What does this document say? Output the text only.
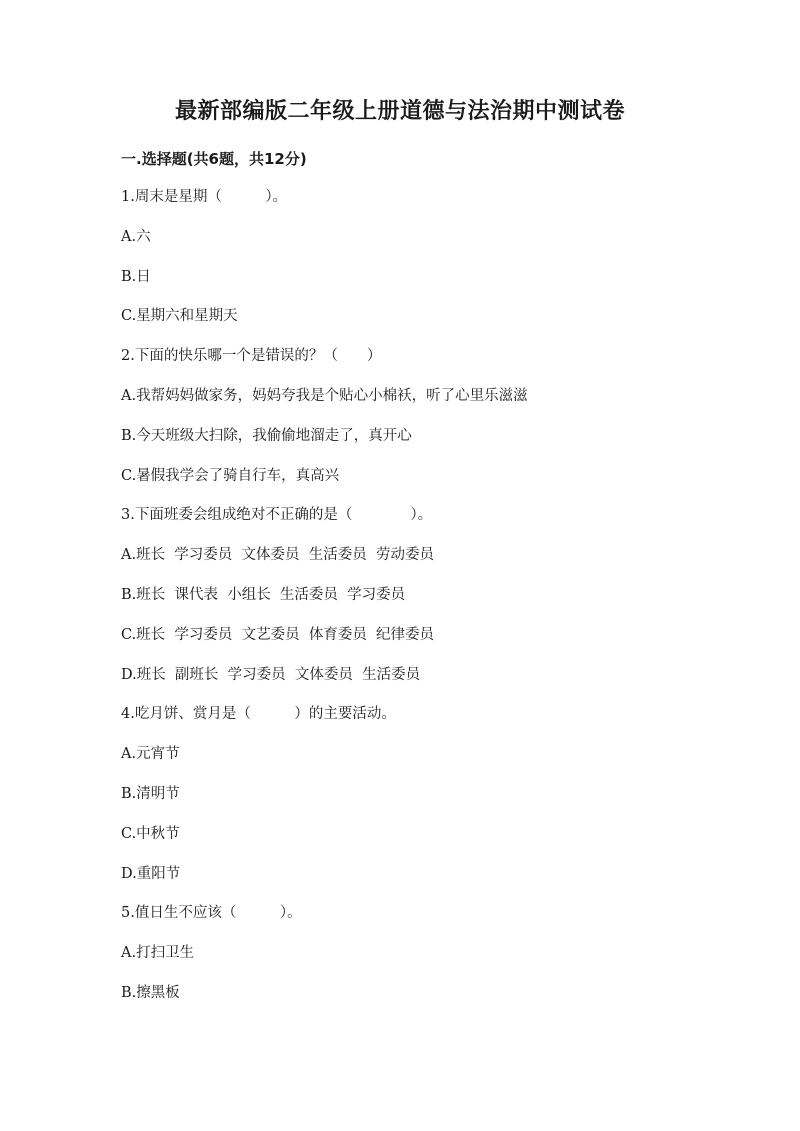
最新部编版二年级上册道德与法治期中测试卷
一.选择题(共6题，共12分)
1.周末是星期（　　　）。
A.六
B.日
C.星期六和星期天
2.下面的快乐哪一个是错误的？（　　）
A.我帮妈妈做家务，妈妈夸我是个贴心小棉袄，听了心里乐滋滋
B.今天班级大扫除，我偷偷地溜走了，真开心
C.暑假我学会了骑自行车，真高兴
3.下面班委会组成绝对不正确的是（　　　　）。
A.班长  学习委员  文体委员  生活委员  劳动委员
B.班长  课代表  小组长  生活委员  学习委员
C.班长  学习委员  文艺委员  体育委员  纪律委员
D.班长  副班长  学习委员  文体委员  生活委员
4.吃月饼、赏月是（　　　）的主要活动。
A.元宵节
B.清明节
C.中秋节
D.重阳节
5.值日生不应该（　　　）。
A.打扫卫生
B.擦黑板
